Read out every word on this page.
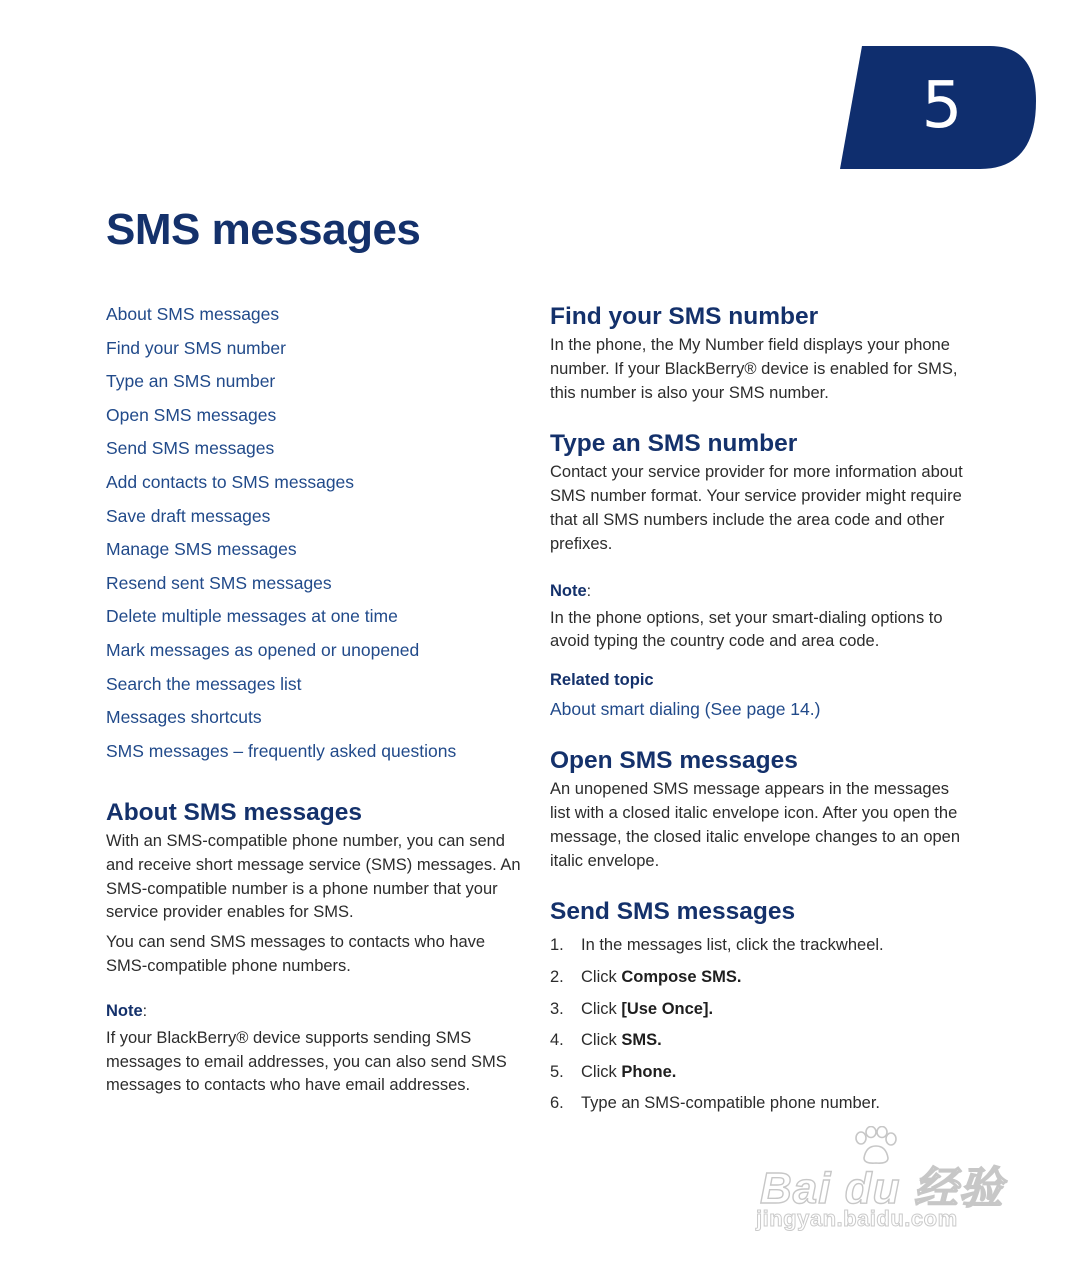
5
SMS messages
About SMS messages
Find your SMS number
Type an SMS number
Open SMS messages
Send SMS messages
Add contacts to SMS messages
Save draft messages
Manage SMS messages
Resend sent SMS messages
Delete multiple messages at one time
Mark messages as opened or unopened
Search the messages list
Messages shortcuts
SMS messages – frequently asked questions
About SMS messages

With an SMS-compatible phone number, you can send and receive short message service (SMS) messages. An SMS-compatible number is a phone number that your service provider enables for SMS.

You can send SMS messages to contacts who have SMS-compatible phone numbers.

Note:

If your BlackBerry® device supports sending SMS messages to email addresses, you can also send SMS messages to contacts who have email addresses.

Find your SMS number

In the phone, the My Number field displays your phone number. If your BlackBerry® device is enabled for SMS, this number is also your SMS number.

Type an SMS number

Contact your service provider for more information about SMS number format. Your service provider might require that all SMS numbers include the area code and other prefixes.

Note:

In the phone options, set your smart-dialing options to avoid typing the country code and area code.

Related topic
About smart dialing (See page 14.)
Open SMS messages

An unopened SMS message appears in the messages list with a closed italic envelope icon. After you open the message, the closed italic envelope changes to an open italic envelope.

Send SMS messages
1. In the messages list, click the trackwheel.
2. Click Compose SMS.
3. Click [Use Once].
4. Click SMS.
5. Click Phone.
6. Type an SMS-compatible phone number.
Bai du 经验
jingyan.baidu.com
